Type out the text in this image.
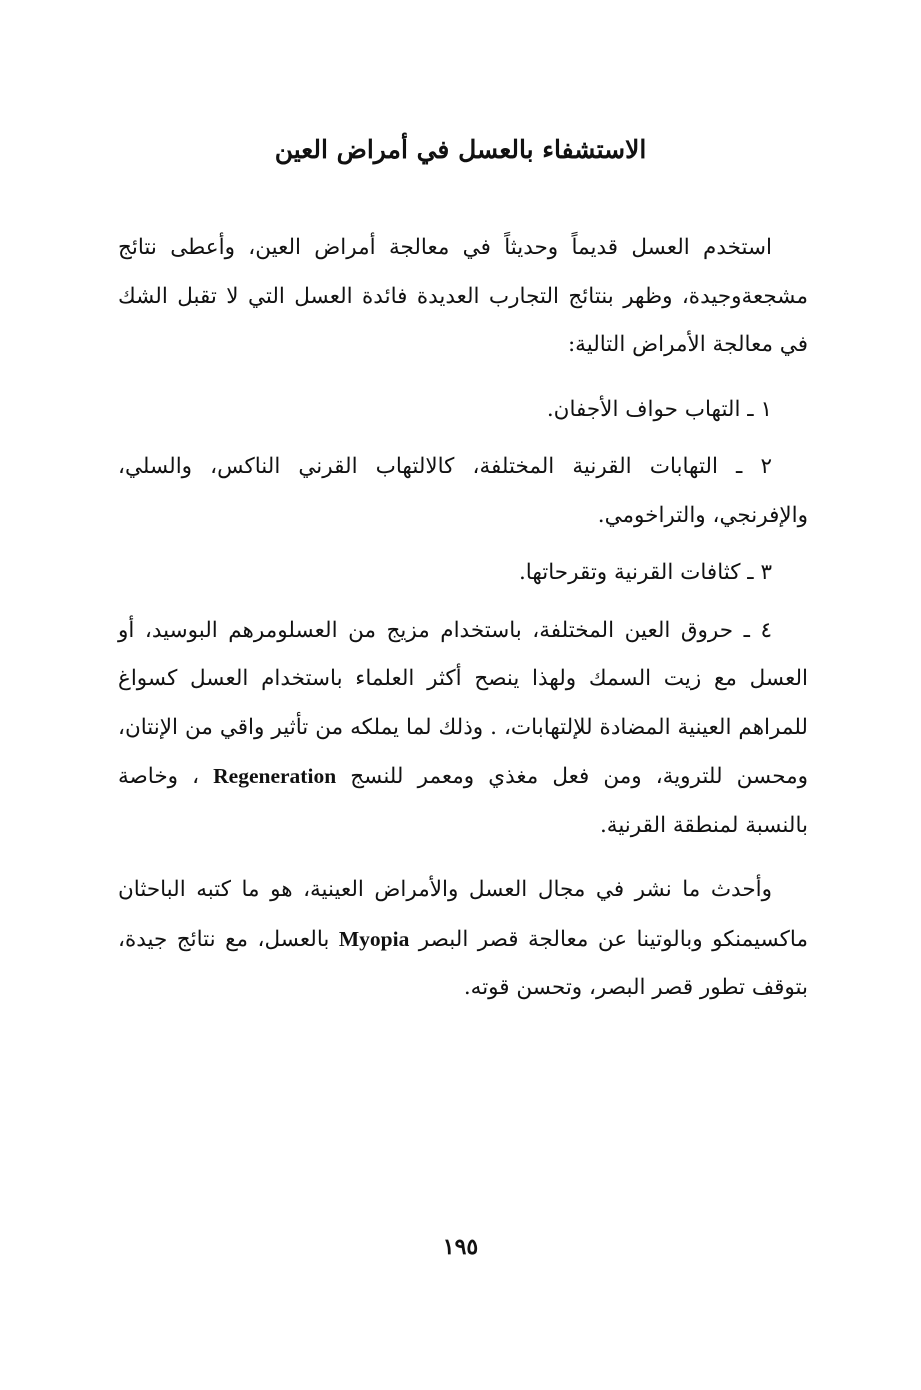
الاستشفاء بالعسل في أمراض العين

استخدم العسل قديماً وحديثاً في معالجة أمراض العين، وأعطى نتائج مشجعةوجيدة، وظهر بنتائج التجارب العديدة فائدة العسل التي لا تقبل الشك في معالجة الأمراض التالية:

١ ـ التهاب حواف الأجفان.

٢ ـ التهابات القرنية المختلفة، كالالتهاب القرني الناكس، والسلي، والإفرنجي، والتراخومي.

٣ ـ كثافات القرنية وتقرحاتها.

٤ ـ حروق العين المختلفة، باستخدام مزيج من العسلومرهم البوسيد، أو العسل مع زيت السمك ولهذا ينصح أكثر العلماء باستخدام العسل كسواغ للمراهم العينية المضادة للإلتهابات، . وذلك لما يملكه من تأثير واقي من الإنتان، ومحسن للتروية، ومن فعل مغذي ومعمر للنسج Regeneration ، وخاصة بالنسبة لمنطقة القرنية.

وأحدث ما نشر في مجال العسل والأمراض العينية، هو ما كتبه الباحثان ماكسيمنكو وبالوتينا عن معالجة قصر البصر Myopia بالعسل، مع نتائج جيدة، بتوقف تطور قصر البصر، وتحسن قوته.

١٩٥
